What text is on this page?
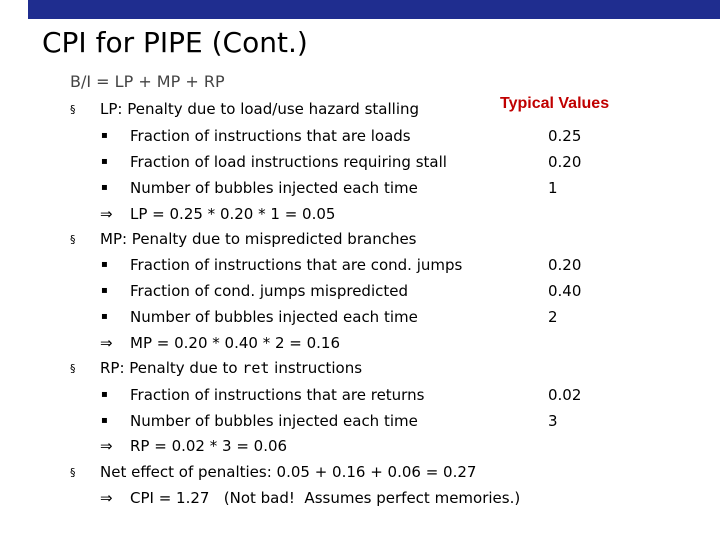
CPI for PIPE (Cont.)
B/I = LP + MP + RP
Typical Values
§ LP: Penalty due to load/use hazard stalling
▪ Fraction of instructions that are loads	0.25
▪ Fraction of load instructions requiring stall	0.20
▪ Number of bubbles injected each time	1
⇒ LP = 0.25 * 0.20 * 1 = 0.05
§ MP: Penalty due to mispredicted branches
▪ Fraction of instructions that are cond. jumps	0.20
▪ Fraction of cond. jumps mispredicted	0.40
▪ Number of bubbles injected each time	2
⇒ MP = 0.20 * 0.40 * 2 = 0.16
§ RP: Penalty due to ret instructions
▪ Fraction of instructions that are returns	0.02
▪ Number of bubbles injected each time	3
⇒ RP = 0.02 * 3 = 0.06
§ Net effect of penalties: 0.05 + 0.16 + 0.06 = 0.27
⇒ CPI = 1.27   (Not bad!  Assumes perfect memories.)
